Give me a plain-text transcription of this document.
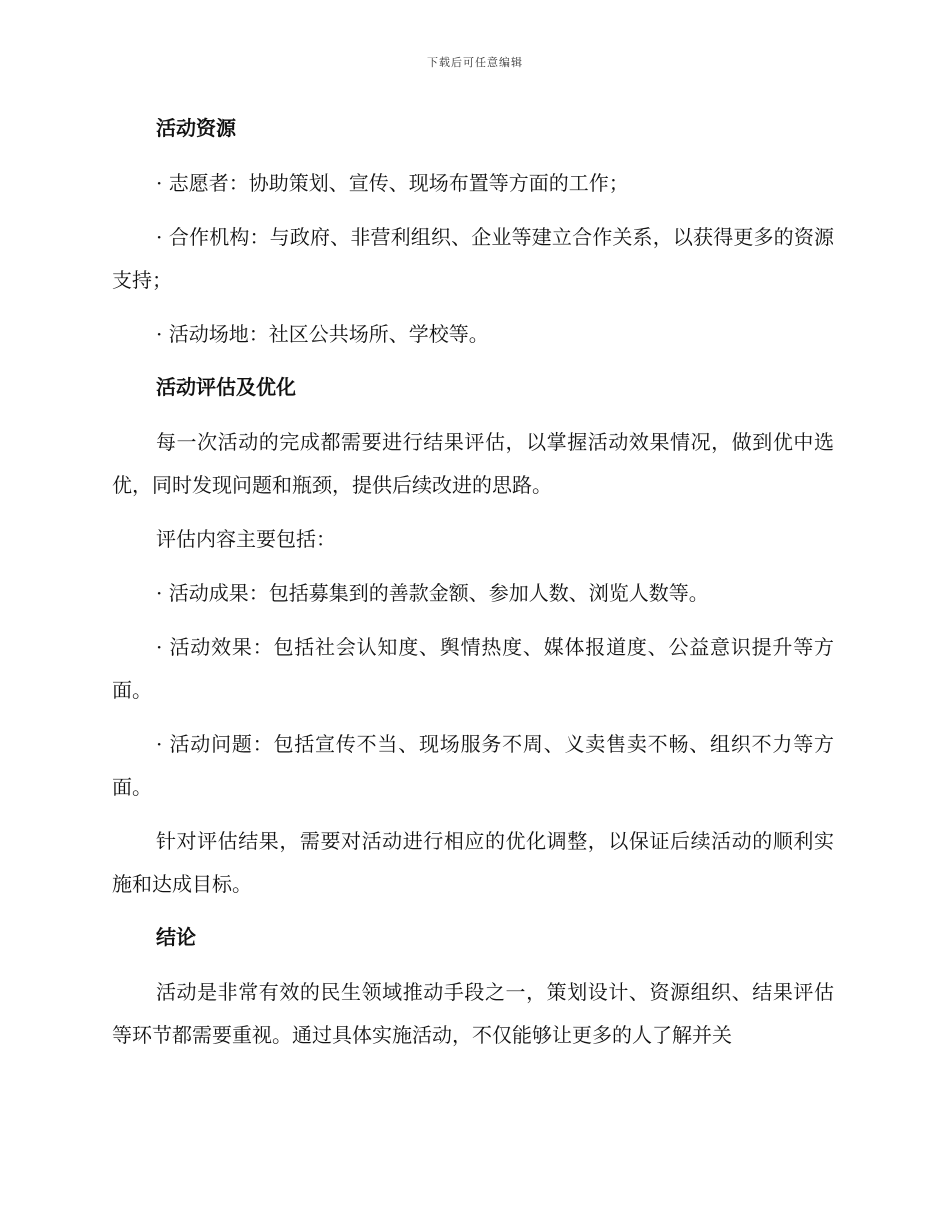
下载后可任意编辑
活动资源

· 志愿者：协助策划、宣传、现场布置等方面的工作；

· 合作机构：与政府、非营利组织、企业等建立合作关系，以获得更多的资源支持；

· 活动场地：社区公共场所、学校等。

活动评估及优化

每一次活动的完成都需要进行结果评估，以掌握活动效果情况，做到优中选优，同时发现问题和瓶颈，提供后续改进的思路。

评估内容主要包括：

· 活动成果：包括募集到的善款金额、参加人数、浏览人数等。

· 活动效果：包括社会认知度、舆情热度、媒体报道度、公益意识提升等方面。

· 活动问题：包括宣传不当、现场服务不周、义卖售卖不畅、组织不力等方面。

针对评估结果，需要对活动进行相应的优化调整，以保证后续活动的顺利实施和达成目标。

结论

活动是非常有效的民生领域推动手段之一，策划设计、资源组织、结果评估等环节都需要重视。通过具体实施活动，不仅能够让更多的人了解并关
